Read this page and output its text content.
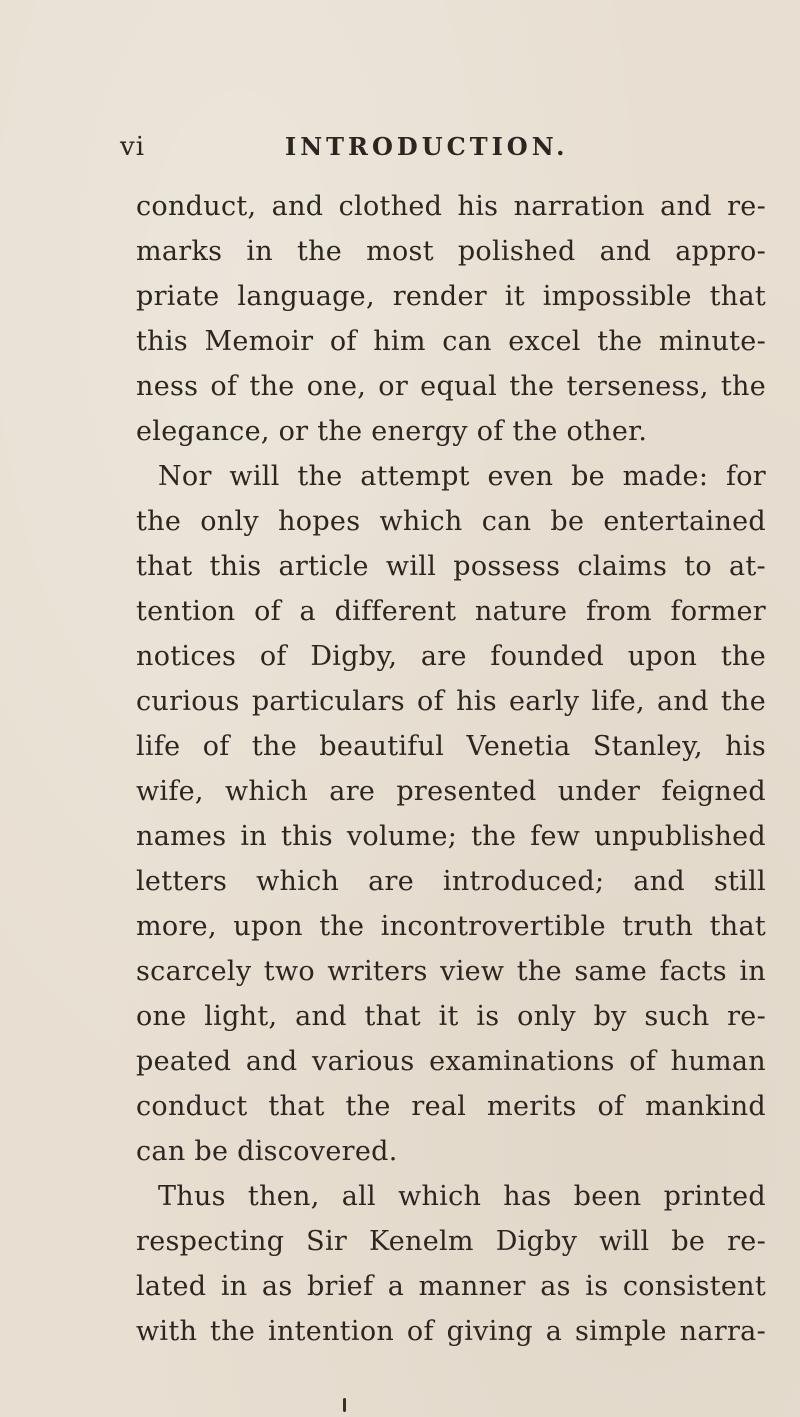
vi	INTRODUCTION.
conduct, and clothed his narration and re-
marks in the most polished and appro-
priate language, render it impossible that
this Memoir of him can excel the minute-
ness of the one, or equal the terseness, the
elegance, or the energy of the other.
Nor will the attempt even be made: for
the only hopes which can be entertained
that this article will possess claims to at-
tention of a different nature from former
notices of Digby, are founded upon the
curious particulars of his early life, and the
life of the beautiful Venetia Stanley, his
wife, which are presented under feigned
names in this volume; the few unpublished
letters which are introduced; and still
more, upon the incontrovertible truth that
scarcely two writers view the same facts in
one light, and that it is only by such re-
peated and various examinations of human
conduct that the real merits of mankind
can be discovered.
Thus then, all which has been printed
respecting Sir Kenelm Digby will be re-
lated in as brief a manner as is consistent
with the intention of giving a simple narra-
